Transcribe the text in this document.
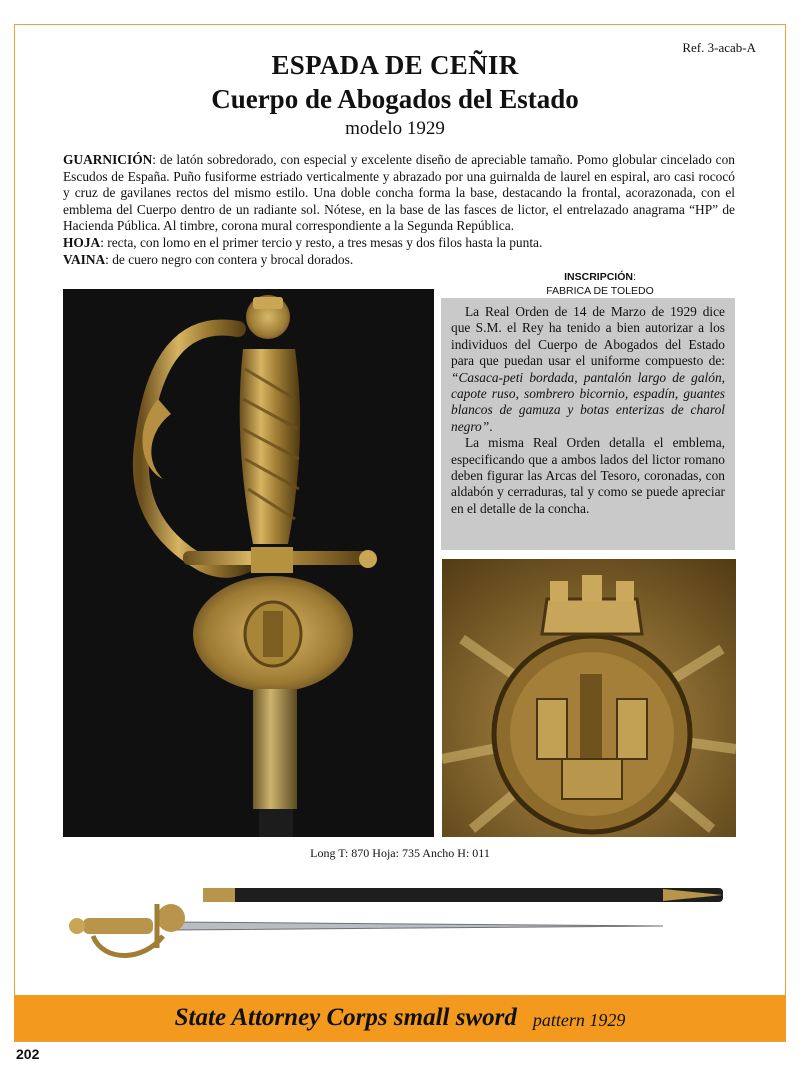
Ref. 3-acab-A
ESPADA DE CEÑIR
Cuerpo de Abogados del Estado
modelo 1929

GUARNICIÓN: de latón sobredorado, con especial y excelente diseño de apreciable tamaño. Pomo globular cincelado con Escudos de España. Puño fusiforme estriado verticalmente y abrazado por una guirnalda de laurel en espiral, aro casi rococó y cruz de gavilanes rectos del mismo estilo. Una doble concha forma la base, destacando la frontal, acorazonada, con el emblema del Cuerpo dentro de un radiante sol. Nótese, en la base de las fasces de lictor, el entrelazado anagrama “HP” de Hacienda Pública. Al timbre, corona mural correspondiente a la Segunda República.

HOJA: recta, con lomo en el primer tercio y resto, a tres mesas y dos filos hasta la punta.

VAINA: de cuero negro con contera y brocal dorados.

INSCRIPCIÓN:
FABRICA DE TOLEDO

La Real Orden de 14 de Marzo de 1929 dice que S.M. el Rey ha tenido a bien autorizar a los individuos del Cuerpo de Abogados del Estado para que puedan usar el uniforme compuesto de: “Casaca-peti bordada, pantalón largo de galón, capote ruso, sombrero bicornio, espadín, guantes blancos de gamuza y botas enterizas de charol negro”.

La misma Real Orden detalla el emblema, especificando que a ambos lados del lictor romano deben figurar las Arcas del Tesoro, coronadas, con aldabón y cerraduras, tal y como se puede apreciar en el detalle de la concha.

Long T: 870 Hoja: 735 Ancho H: 011
State Attorney Corps small sword pattern 1929
202
